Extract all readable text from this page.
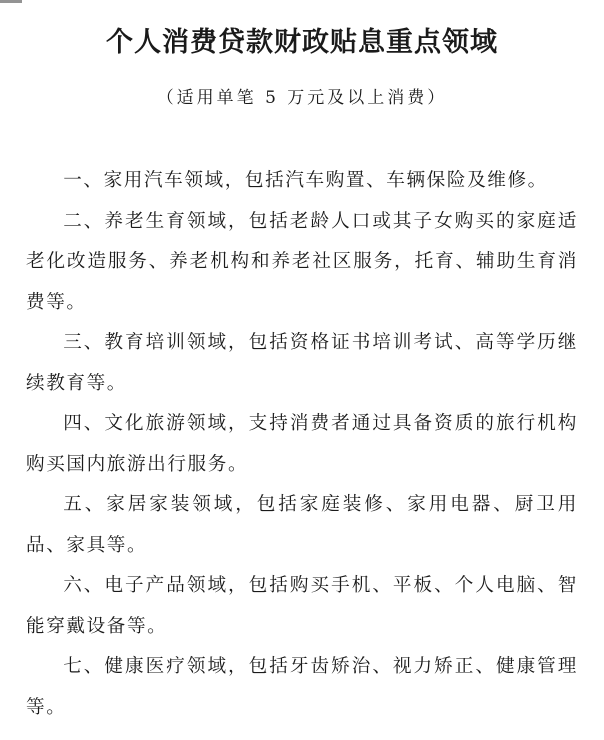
个人消费贷款财政贴息重点领域

（适用单笔 5 万元及以上消费）

一、家用汽车领域，包括汽车购置、车辆保险及维修。

二、养老生育领域，包括老龄人口或其子女购买的家庭适老化改造服务、养老机构和养老社区服务，托育、辅助生育消费等。

三、教育培训领域，包括资格证书培训考试、高等学历继续教育等。

四、文化旅游领域，支持消费者通过具备资质的旅行机构购买国内旅游出行服务。

五、家居家装领域，包括家庭装修、家用电器、厨卫用品、家具等。

六、电子产品领域，包括购买手机、平板、个人电脑、智能穿戴设备等。

七、健康医疗领域，包括牙齿矫治、视力矫正、健康管理等。
